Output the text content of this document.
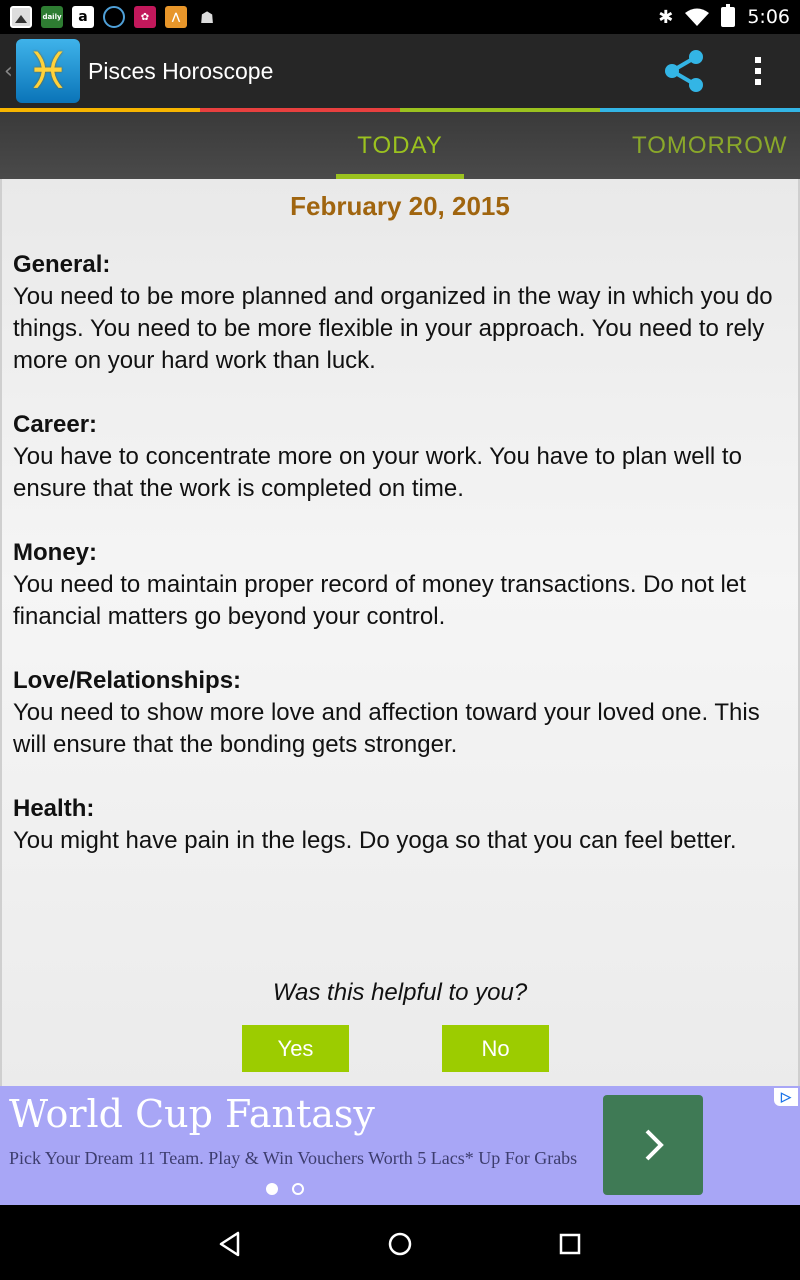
daily	a	✿	⋀	☗	✱	5:06
‹ ♓ Pisces Horoscope
TODAY	TOMORROW
February 20, 2015
General:
You need to be more planned and organized in the way in which you do things. You need to be more flexible in your approach. You need to rely more on your hard work than luck.
Career:
You have to concentrate more on your work. You have to plan well to ensure that the work is completed on time.
Money:
You need to maintain proper record of money transactions. Do not let financial matters go beyond your control.
Love/Relationships:
You need to show more love and affection toward your loved one. This will ensure that the bonding gets stronger.
Health:
You might have pain in the legs. Do yoga so that you can feel better.
Was this helpful to you?
Yes	No
World Cup Fantasy
Pick Your Dream 11 Team. Play & Win Vouchers Worth 5 Lacs* Up For Grabs
▷
